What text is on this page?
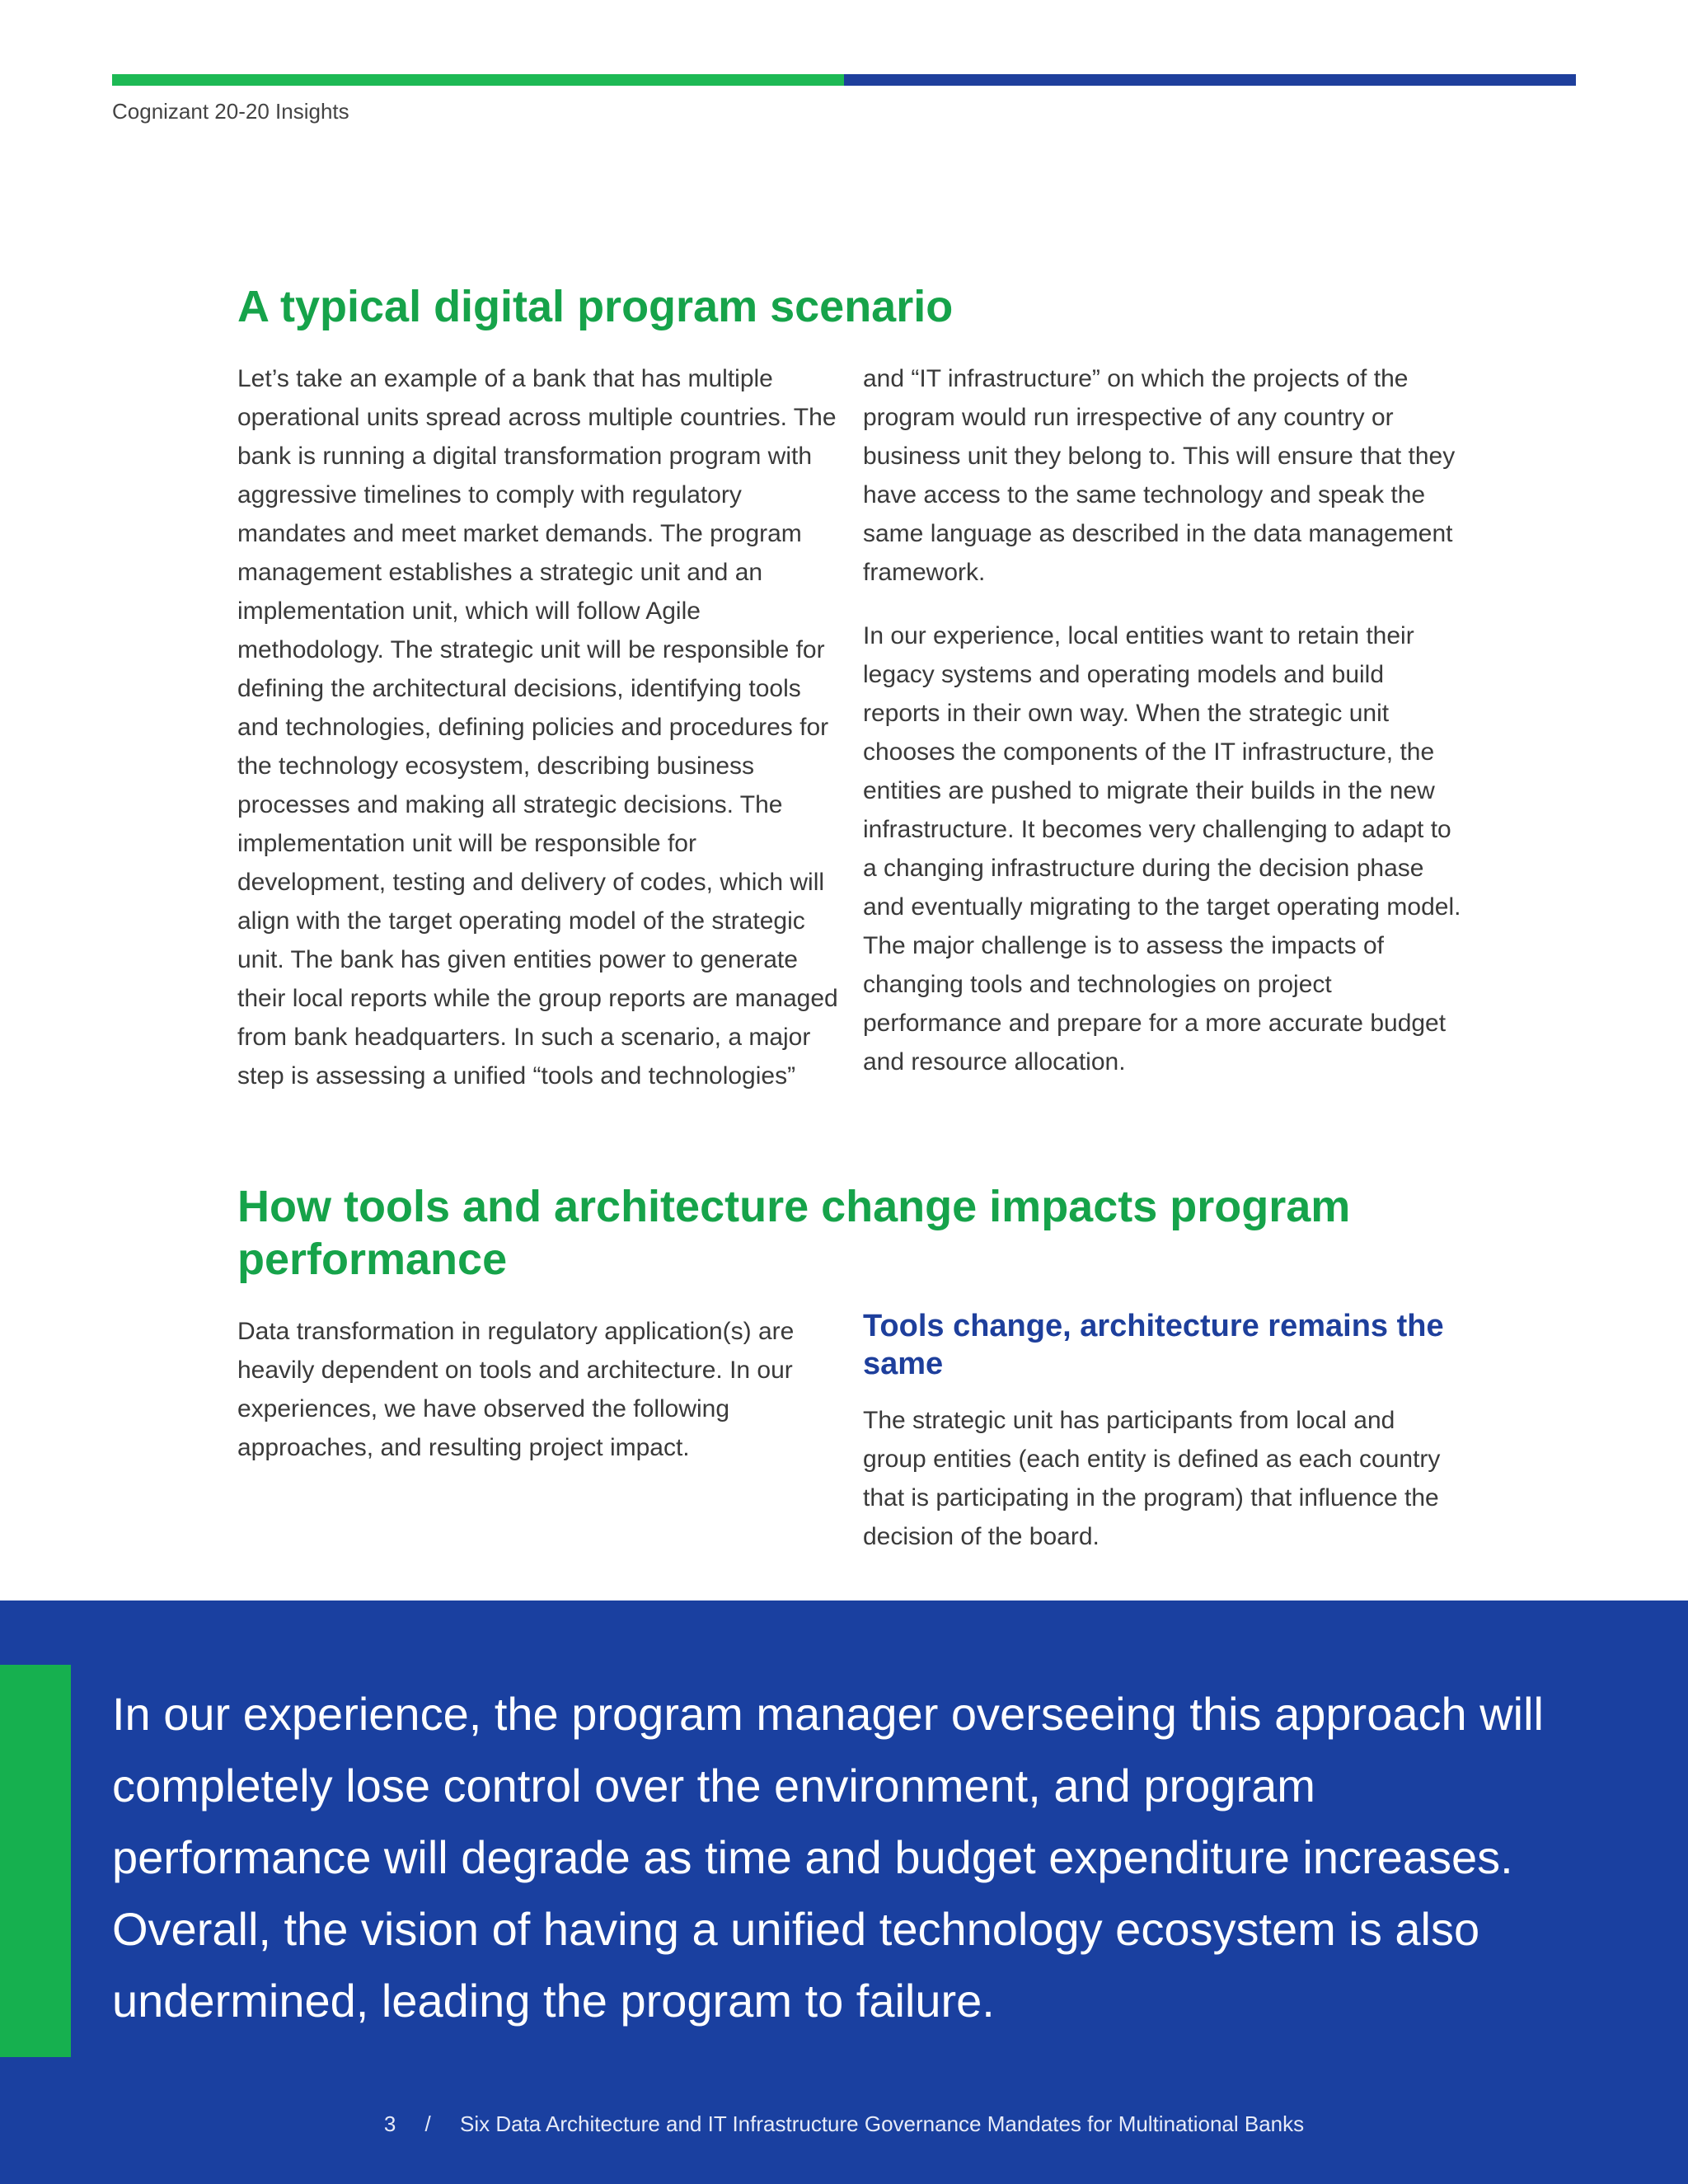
Cognizant 20-20 Insights
A typical digital program scenario

Let’s take an example of a bank that has multiple operational units spread across multiple countries. The bank is running a digital transformation program with aggressive timelines to comply with regulatory mandates and meet market demands. The program management establishes a strategic unit and an implementation unit, which will follow Agile methodology. The strategic unit will be responsible for defining the architectural decisions, identifying tools and technologies, defining policies and procedures for the technology ecosystem, describing business processes and making all strategic decisions. The implementation unit will be responsible for development, testing and delivery of codes, which will align with the target operating model of the strategic unit. The bank has given entities power to generate their local reports while the group reports are managed from bank headquarters. In such a scenario, a major step is assessing a unified “tools and technologies”

and “IT infrastructure” on which the projects of the program would run irrespective of any country or business unit they belong to. This will ensure that they have access to the same technology and speak the same language as described in the data management framework.

In our experience, local entities want to retain their legacy systems and operating models and build reports in their own way. When the strategic unit chooses the components of the IT infrastructure, the entities are pushed to migrate their builds in the new infrastructure. It becomes very challenging to adapt to a changing infrastructure during the decision phase and eventually migrating to the target operating model. The major challenge is to assess the impacts of changing tools and technologies on project performance and prepare for a more accurate budget and resource allocation.

How tools and architecture change impacts program performance

Data transformation in regulatory application(s) are heavily dependent on tools and architecture. In our experiences, we have observed the following approaches, and resulting project impact.

Tools change, architecture remains the same

The strategic unit has participants from local and group entities (each entity is defined as each country that is participating in the program) that influence the decision of the board.

In our experience, the program manager overseeing this approach will completely lose control over the environment, and program performance will degrade as time and budget expenditure increases. Overall, the vision of having a unified technology ecosystem is also undermined, leading the program to failure.
3 / Six Data Architecture and IT Infrastructure Governance Mandates for Multinational Banks
